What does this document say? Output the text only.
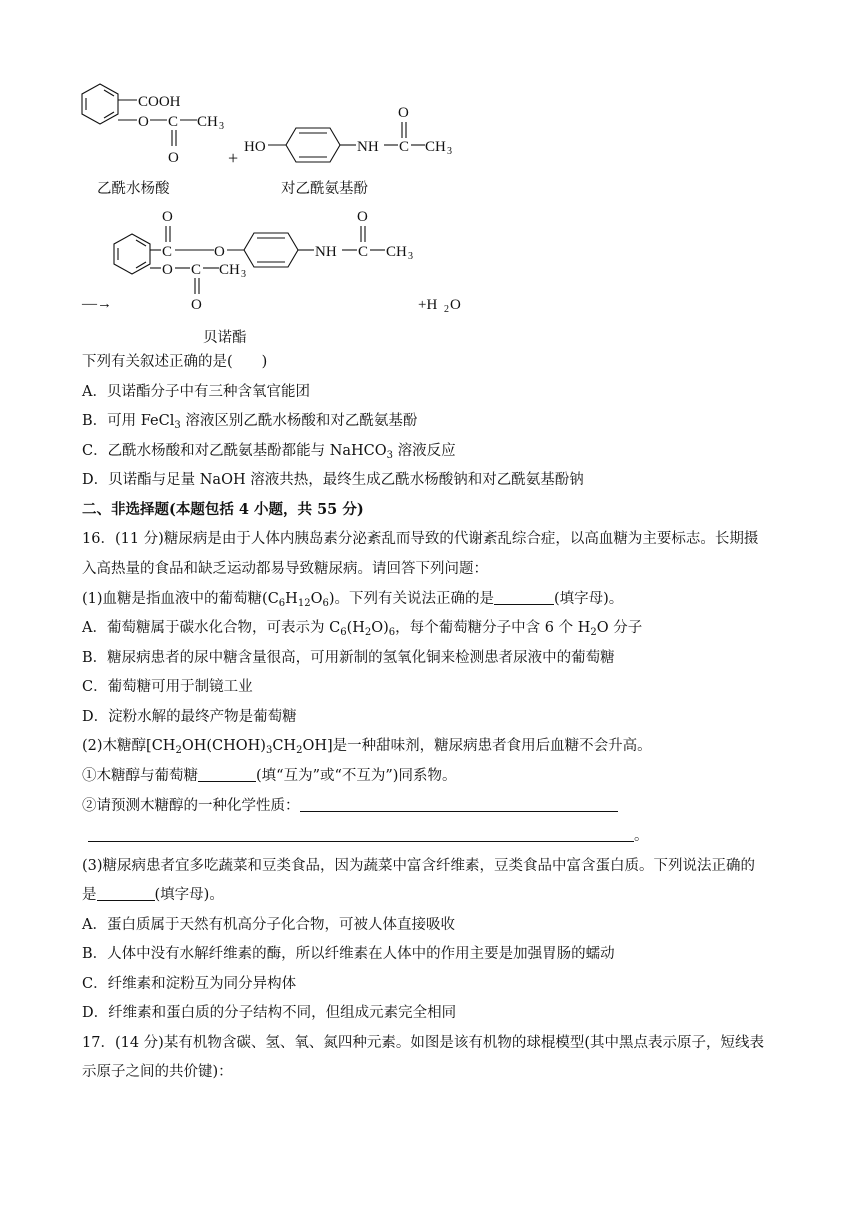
COOH
O C CH 3
O
乙酰水杨酸
+
HO	NH C
O
CH 3
对乙酰氨基酚
—→
O
C	O	NH C
O
CH 3
O C CH 3
O
贝诺酯
+H 2 O
下列有关叙述正确的是(　　)
A．贝诺酯分子中有三种含氧官能团
B．可用 FeCl$_3$ 溶液区别乙酰水杨酸和对乙酰氨基酚
C．乙酰水杨酸和对乙酰氨基酚都能与 NaHCO$_3$ 溶液反应
D．贝诺酯与足量 NaOH 溶液共热，最终生成乙酰水杨酸钠和对乙酰氨基酚钠
二、非选择题(本题包括 4 小题，共 55 分)
16．(11 分)糖尿病是由于人体内胰岛素分泌紊乱而导致的代谢紊乱综合症，以高血糖为主要标志。长期摄
入高热量的食品和缺乏运动都易导致糖尿病。请回答下列问题：
(1)血糖是指血液中的葡萄糖$(C_6H_{12}O_6)$。下列有关说法正确的是	(填字母)。
A．葡萄糖属于碳水化合物，可表示为 $C_6(H_2O)_6$，每个葡萄糖分子中含 6 个 $H_2O$ 分子
B．糖尿病患者的尿中糖含量很高，可用新制的氢氧化铜来检测患者尿液中的葡萄糖
C．葡萄糖可用于制镜工业
D．淀粉水解的最终产物是葡萄糖
(2)木糖醇$[CH_2OH(CHOH)_3CH_2OH]$是一种甜味剂，糖尿病患者食用后血糖不会升高。
①木糖醇与葡萄糖	(填“互为”或“不互为”)同系物。
②请预测木糖醇的一种化学性质：
。
(3)糖尿病患者宜多吃蔬菜和豆类食品，因为蔬菜中富含纤维素，豆类食品中富含蛋白质。下列说法正确的
是	(填字母)。
A．蛋白质属于天然有机高分子化合物，可被人体直接吸收
B．人体中没有水解纤维素的酶，所以纤维素在人体中的作用主要是加强胃肠的蠕动
C．纤维素和淀粉互为同分异构体
D．纤维素和蛋白质的分子结构不同，但组成元素完全相同
17．(14 分)某有机物含碳、氢、氧、氮四种元素。如图是该有机物的球棍模型(其中黑点表示原子，短线表
示原子之间的共价键)：
